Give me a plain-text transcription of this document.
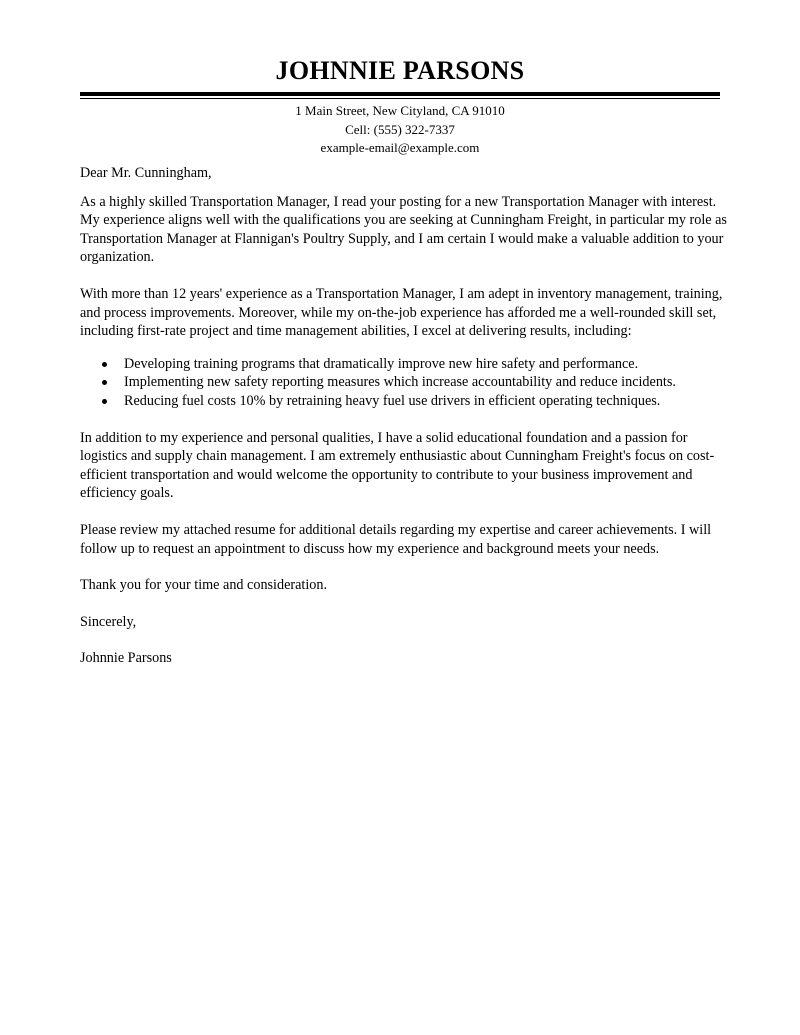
JOHNNIE PARSONS
1 Main Street, New Cityland, CA 91010
Cell: (555) 322-7337
example-email@example.com

Dear Mr. Cunningham,

As a highly skilled Transportation Manager, I read your posting for a new Transportation Manager with interest. My experience aligns well with the qualifications you are seeking at Cunningham Freight, in particular my role as Transportation Manager at Flannigan's Poultry Supply, and I am certain I would make a valuable addition to your organization.

With more than 12 years' experience as a Transportation Manager, I am adept in inventory management, training, and process improvements. Moreover, while my on-the-job experience has afforded me a well-rounded skill set, including first-rate project and time management abilities, I excel at delivering results, including:

Developing training programs that dramatically improve new hire safety and performance.
Implementing new safety reporting measures which increase accountability and reduce incidents.
Reducing fuel costs 10% by retraining heavy fuel use drivers in efficient operating techniques.

In addition to my experience and personal qualities, I have a solid educational foundation and a passion for logistics and supply chain management. I am extremely enthusiastic about Cunningham Freight's focus on cost-efficient transportation and would welcome the opportunity to contribute to your business improvement and efficiency goals.

Please review my attached resume for additional details regarding my expertise and career achievements. I will follow up to request an appointment to discuss how my experience and background meets your needs.

Thank you for your time and consideration.

Sincerely,

Johnnie Parsons
